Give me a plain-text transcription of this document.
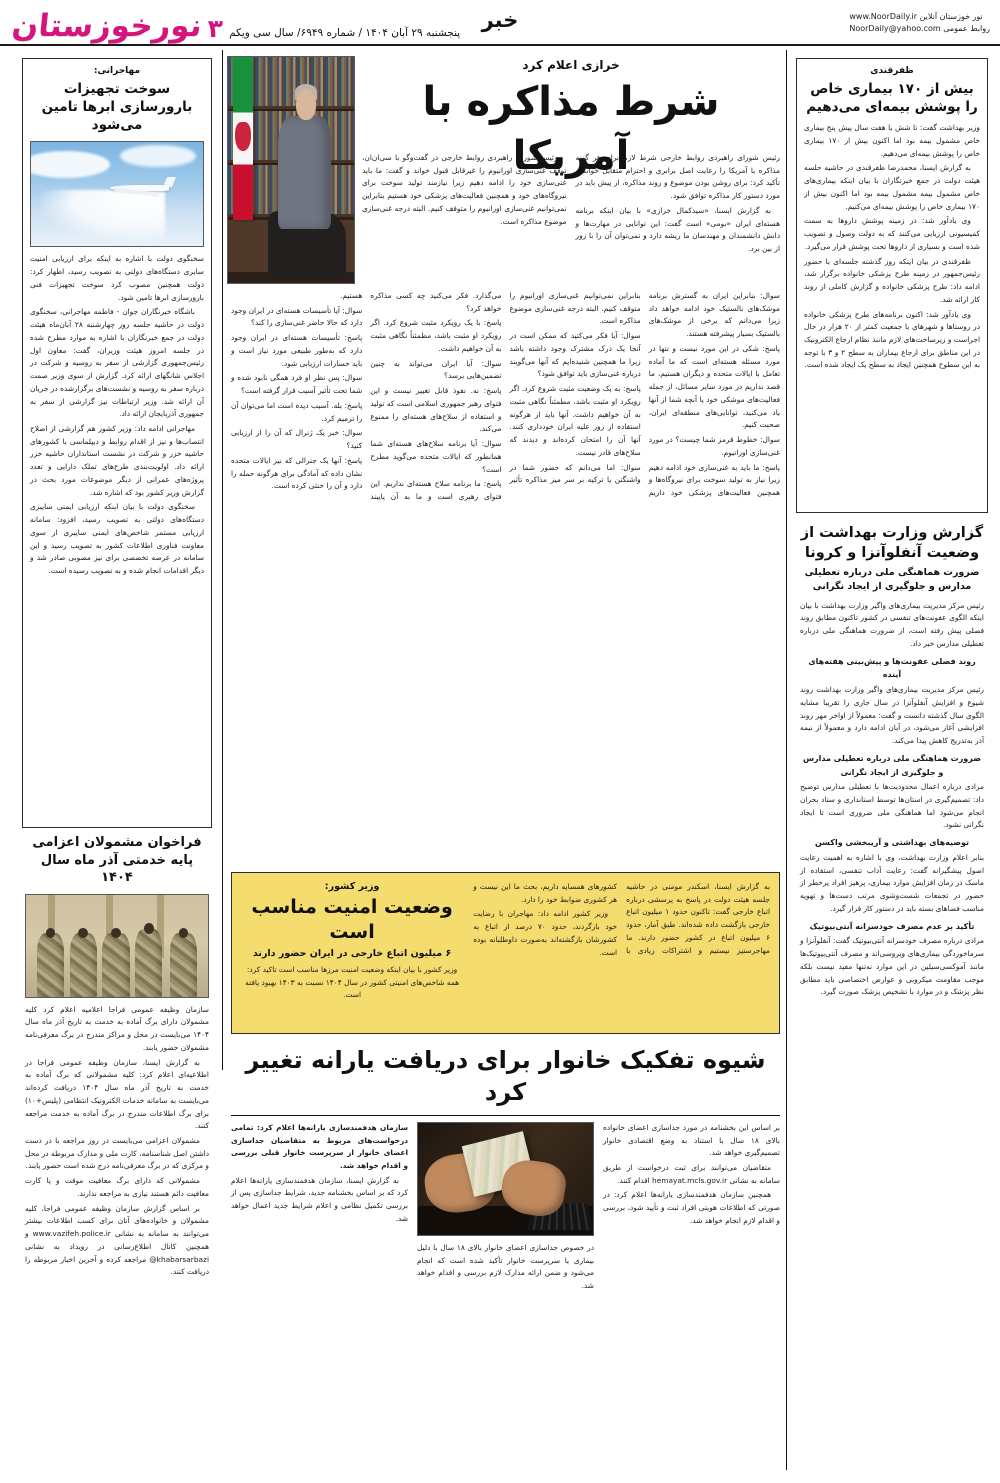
نورخوزستان ۳ پنجشنبه ۲۹ آبان ۱۴۰۴ / شماره ۶۹۴۹/ سال سی ویکم
خبر	www.NoorDaily.ir نور خوزستان آنلاین
NoorDaily@yahoo.com روابط عمومی
مهاجرانی:
سوخت تجهیزات بارورسازی ابرها تامین می‌شود

سخنگوی دولت با اشاره به اینکه برای ارزیابی امنیت سایری دستگاه‌های دولتی به تصویب رسید، اظهار کرد: دولت همچنین مصوب کرد سوخت تجهیزات فنی بارورسازی ابرها تامین شود.

باشگاه خبرنگاران جوان - فاطمه مهاجرانی، سخنگوی دولت در حاشیه جلسه روز چهارشنبه ۲۸ آبان‌ماه هیئت دولت در جمع خبرنگاران با اشاره به موارد مطرح شده در جلسه امروز هیئت وزیران، گفت: معاون اول رئیس‌جمهوری گزارشی از سفر به روسیه و شرکت در اجلاس شانگهای ارائه کرد. گزارش از سوی وزیر صمت درباره سفر به روسیه و نشست‌های برگزارشده در جریان آن ارائه شد. وزیر ارتباطات نیز گزارشی از سفر به جمهوری آذربایجان ارائه داد.

مهاجرانی ادامه داد: وزیر کشور هم گزارشی از اصلاح انتصاب‌ها و نیز از اقدام روابط و دیپلماسی با کشورهای حاشیه خزر و شرکت در نشست استانداران حاشیه خزر ارائه داد. اولویت‌بندی طرح‌های تملک دارایی و تعدد پروژه‌های عمرانی از دیگر موضوعات مورد بحث در گزارش وزیر کشور بود که اشاره شد.

سخنگوی دولت با بیان اینکه ارزیابی ایمنی سایبری دستگاه‌های دولتی به تصویب رسید، افزود: سامانه ارزیابی مستمر شاخص‌های ایمنی سایبری از سوی معاونت فناوری اطلاعات کشور به تصویب رسید و این سامانه در عرصه تخصصی برای نیز مصوبی صادر شد و دیگر اقدامات انجام شده و به تصویب رسیده است.

فراخوان مشمولان اعزامی پایه خدمتی آذر ماه سال ۱۴۰۴

سازمان وظیفه عمومی فراجا اعلامیه اعلام کرد کلیه مشمولان دارای برگ آماده به خدمت به تاریخ آذر ماه سال ۱۴۰۴ می‌بایست در محل و مراکز مندرج در برگ معرفی‌نامه مشمولان حضور یابند.

به گزارش ایسنا، سازمان وظیفه عمومی فراجا در اطلاعیه‌ای اعلام کرد: کلیه مشمولانی که برگ آماده به خدمت به تاریخ آذر ماه سال ۱۴۰۴ دریافت کرده‌اند می‌بایست به سامانه خدمات الکترونیک انتظامی (پلیس+۱۰) برای برگ اطلاعات مندرج در برگ آماده به خدمت مراجعه کنند.

مشمولان اعزامی می‌بایست در روز مراجعه با در دست داشتن اصل شناسنامه، کارت ملی و مدارک مربوطه در محل و مرکزی که در برگ معرفی‌نامه درج شده است حضور یابند.

مشمولانی که دارای برگ معافیت موقت و یا کارت معافیت دائم هستند نیازی به مراجعه ندارند.

بر اساس گزارش سازمان وظیفه عمومی فراجا، کلیه مشمولان و خانواده‌های آنان برای کسب اطلاعات بیشتر می‌توانند به سامانه به نشانی www.vazifeh.police.ir و همچنین کانال اطلاع‌رسانی در رویداد به نشانی khabarsarbazi@ مراجعه کرده و آخرین اخبار مربوطه را دریافت کنند.

خرازی اعلام کرد
شرط مذاکره با آمریکا

رئیس شورای راهبردی روابط خارجی شرط لازم برای هر گونه مذاکره با آمریکا را رعایت اصل برابری و احترام متقابل خواند و تأکید کرد: برای روشن بودن موضوع و روند مذاکره، از پیش باید در مورد دستور کار مذاکره توافق شود.

به گزارش ایسنا، «سیدکمال خرازی» با بیان اینکه برنامه هسته‌ای ایران «بومی» است گفت: این توانایی در مهارت‌ها و دانش دانشمندان و مهندسان ما ریشه دارد و نمی‌توان آن را با زور از بین برد.

رئیس شورای راهبردی روابط خارجی در گفت‌وگو با سی‌ان‌ان، توقف غنی‌سازی اورانیوم را غیرقابل قبول خواند و گفت: ما باید غنی‌سازی خود را ادامه دهیم زیرا نیازمند تولید سوخت برای نیروگاه‌های خود و همچنین فعالیت‌های پزشکی خود هستیم بنابراین نمی‌توانیم غنی‌سازی اورانیوم را متوقف کنیم. البته درجه غنی‌سازی موضوع مذاکره است.

سوال: بنابراین ایران به گسترش برنامه موشک‌های بالستیک خود ادامه خواهد داد زیرا می‌دانم که برخی از موشک‌های بالستیک بسیار پیشرفته هستند.

پاسخ: شکی در این مورد نیست و تنها در مورد مسئله هسته‌ای است که ما آماده تعامل با ایالات متحده و دیگران هستیم، ما قصد نداریم در مورد سایر مسائل، از جمله فعالیت‌های موشکی خود یا آنچه شما از آنها یاد می‌کنید، توانایی‌های منطقه‌ای ایران، صحبت کنیم.

سوال: خطوط قرمز شما چیست؟ در مورد غنی‌سازی اورانیوم.

پاسخ: ما باید به غنی‌سازی خود ادامه دهیم زیرا نیاز به تولید سوخت برای نیروگاه‌ها و همچنین فعالیت‌های پزشکی خود داریم بنابراین نمی‌توانیم غنی‌سازی اورانیوم را متوقف کنیم. البته درجه غنی‌سازی موضوع مذاکره است.

سوال: آیا فکر می‌کنید که ممکن است در آنجا یک درک مشترک وجود داشته باشد زیرا ما همچنین شنیده‌ایم که آنها می‌گویند درباره غنی‌سازی باید توافق شود؟

پاسخ: به یک وضعیت مثبت شروع کرد. اگر رویکرد او مثبت باشد، مطمئناً نگاهی مثبت به آن خواهیم داشت. آنها باید از هرگونه استفاده از زور علیه ایران خودداری کنند. آنها آن را امتحان کرده‌اند و دیدند که سلاح‌های قادر نیست.

سوال: اما می‌دانم که حضور شما در واشنگتن یا ترکیه بر سر میز مذاکره تأثیر می‌گذارد. فکر می‌کنید چه کسی مذاکره خواهد کرد؟

پاسخ: با یک رویکرد مثبت شروع کرد. اگر رویکرد او مثبت باشد، مطمئناً نگاهی مثبت به آن خواهیم داشت.

سوال: آیا ایران می‌تواند به چنین تضمین‌هایی برسد؟

پاسخ: نه. نفوذ قابل تغییر نیست و این فتوای رهبر جمهوری اسلامی است که تولید و استفاده از سلاح‌های هسته‌ای را ممنوع می‌کند.

سوال: آیا برنامه سلاح‌های هسته‌ای شما همانطور که ایالات متحده می‌گوید مطرح است؟

پاسخ: ما برنامه سلاح هسته‌ای نداریم. این فتوای رهبری است و ما به آن پایبند هستیم.

سوال: آیا تأسیسات هسته‌ای در ایران وجود دارد که حالا حاضر غنی‌سازی را کند؟

پاسخ: تأسیسات هسته‌ای در ایران وجود دارد که به‌طور طبیعی مورد نیاز است و باید خسارات ارزیابی شود.

سوال: پس نظر او فرد همگی نابود شده و شما تحت تأثیر آسیب قرار گرفته است؟

پاسخ: بله. آسیب دیده است اما می‌توان آن را ترمیم کرد.

سوال: خبر یک ژنرال که آن را از ارزیابی کنید؟

پاسخ: آنها یک جنرالی که نیز ایالات متحده نشان داده که آمادگی برای هرگونه حمله را دارد و آن را خنثی کرده است.

به گزارش ایسنا، اسکندر مومنی در حاشیه جلسه هیئت دولت در پاسخ به پرسشی درباره اتباع خارجی گفت: تاکنون حدود ۱ میلیون اتباع خارجی بازگشت داده شده‌اند. طبق آمار، حدود ۶ میلیون اتباع در کشور حضور دارند. ما مهاجرستیز نیستیم و اشتراکات زیادی با کشورهای همسایه داریم، بحث ما این نیست و هر کشوری ضوابط خود را دارد.

وزیر کشور ادامه داد: مهاجران با رضایت خود بازگردند، حدود ۷۰ درصد از اتباع به کشورشان بازگشته‌اند به‌صورت داوطلبانه بوده است.

وزیر کشور:
وضعیت امنیت مناسب است
۶ میلیون اتباع خارجی در ایران حضور دارند

وزیر کشور با بیان اینکه وضعیت امنیت مرزها مناسب است تاکید کرد: همه شاخص‌های امنیتی کشور در سال ۱۴۰۴ نسبت به ۱۴۰۳ بهبود یافته است.

شیوه تفکیک خانوار برای دریافت یارانه تغییر کرد

بر اساس این بخشنامه در مورد جداسازی اعضای خانواده بالای ۱۸ سال با استناد به وضع اقتصادی خانوار تصمیم‌گیری خواهد شد.

متقاضیان می‌توانند برای ثبت درخواست از طریق سامانه به نشانی hemayat.mcls.gov.ir اقدام کنند.

همچنین سازمان هدفمندسازی یارانه‌ها اعلام کرد: در صورتی که اطلاعات هویتی افراد ثبت و تأیید شود، بررسی و اقدام لازم انجام خواهد شد.

در خصوص جداسازی اعضای خانوار بالای ۱۸ سال با دلیل بیماری یا سرپرست خانوار تأکید شده است که انجام می‌شود و ضمن ارائه مدارک لازم بررسی و اقدام خواهد شد.

سازمان هدفمندسازی یارانه‌ها اعلام کرد: تمامی درخواست‌های مربوط به متقاضیان جداسازی اعضای خانوار از سرپرست خانوار قبلی بررسی و اقدام خواهد شد.

به گزارش ایسنا، سازمان هدفمندسازی یارانه‌ها اعلام کرد که بر اساس بخشنامه جدید، شرایط جداسازی پس از بررسی تکمیل نظامی و اعلام شرایط جدید اعمال خواهد شد.

ظفرقندی
بیش از ۱۷۰ بیماری خاص را پوشش بیمه‌ای می‌دهیم

وزیر بهداشت گفت: تا شش یا هفت سال پیش پنج بیماری خاص مشمول بیمه بود اما اکنون بیش از ۱۷۰ بیماری خاص را پوشش بیمه‌ای می‌دهیم.

به گزارش ایسنا، محمدرضا ظفرقندی در حاشیه جلسه هیئت دولت در جمع خبرنگاران با بیان اینکه بیماری‌های خاص مشمول بیمه مشمول بیمه بود اما اکنون بیش از ۱۷۰ بیماری خاص را پوشش بیمه‌ای می‌کنیم.

وی یادآور شد: در زمینه پوشش داروها به سمت کمیسیونی ارزیابی می‌کنند که به دولت وصول و تصویب شده است و بسیاری از داروها تحت پوشش قرار می‌گیرد.

ظفرقندی در بیان اینکه روز گذشته جلسه‌ای با حضور رئیس‌جمهور در زمینه طرح پزشکی خانواده برگزار شد، ادامه داد: طرح پزشکی خانواده و گزارش کاملی از روند کار ارائه شد.

وی یادآور شد: اکنون برنامه‌های طرح پزشکی خانواده در روستاها و شهرهای با جمعیت کمتر از ۲۰ هزار در حال اجراست و زیرساخت‌های لازم مانند نظام ارجاع الکترونیک در این مناطق برای ارجاع بیماران به سطح ۲ و ۳ با توجه به این سطوح همچنین ایجاد به سطح یک ایجاد شده است.

گزارش وزارت بهداشت از وضعیت آنفلوآنزا و کرونا
ضرورت هماهنگی ملی درباره تعطیلی مدارس و جلوگیری از ایجاد نگرانی

رئیس مرکز مدیریت بیماری‌های واگیر وزارت بهداشت با بیان اینکه الگوی عفونت‌های تنفسی در کشور تاکنون مطابق روند فصلی پیش رفته است، از ضرورت هماهنگی ملی درباره تعطیلی مدارس خبر داد.

روند فصلی عفونت‌ها و پیش‌بینی هفته‌های آینده

رئیس مرکز مدیریت بیماری‌های واگیر وزارت بهداشت روند شیوع و افزایش آنفلوآنزا در سال جاری را تقریبا مشابه الگوی سال گذشته دانست و گفت: معمولاً از اواخر مهر روند افزایشی آغاز می‌شود، در آبان ادامه دارد و معمولاً از نیمه آذر به‌تدریج کاهش پیدا می‌کند.

ضرورت هماهنگی ملی درباره تعطیلی مدارس و جلوگیری از ایجاد نگرانی

مرادی درباره اعمال محدودیت‌ها با تعطیلی مدارس توضیح داد: تصمیم‌گیری در استان‌ها توسط استانداری و ستاد بحران انجام می‌شود اما هماهنگی ملی ضروری است تا ایجاد نگرانی نشود.

توصیه‌های بهداشتی و آریبخشی واکسن

بنابر اعلام وزارت بهداشت، وی با اشاره به اهمیت رعایت اصول پیشگیرانه گفت: رعایت آداب تنفسی، استفاده از ماسک در زمان افزایش موارد بیماری، پرهیز افراد پرخطر از حضور در تجمعات شست‌وشوی مرتب دست‌ها و تهویه مناسب فضاهای بسته باید در دستور کار قرار گیرد.

تأکید بر عدم مصرف خودسرانه آنتی‌بیوتیک

مرادی درباره مصرف خودسرانه آنتی‌بیوتیک گفت: آنفلوآنزا و سرماخوردگی بیماری‌های ویروسی‌اند و مصرف آنتی‌بیوتیک‌ها مانند آموکسی‌سیلین در این موارد نه‌تنها مفید نیست بلکه موجب مقاومت میکروبی و عوارض اختصاصی باید مطابق نظر پزشک و در موارد با تشخیص پزشک صورت گیرد.
